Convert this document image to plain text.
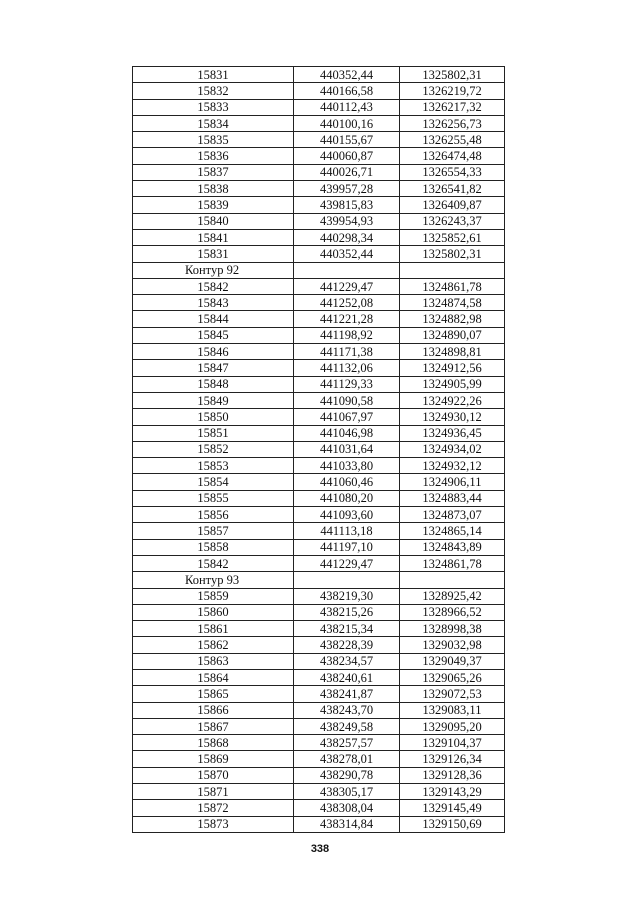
15831	440352,44	1325802,31
15832	440166,58	1326219,72
15833	440112,43	1326217,32
15834	440100,16	1326256,73
15835	440155,67	1326255,48
15836	440060,87	1326474,48
15837	440026,71	1326554,33
15838	439957,28	1326541,82
15839	439815,83	1326409,87
15840	439954,93	1326243,37
15841	440298,34	1325852,61
15831	440352,44	1325802,31
Контур 92		
15842	441229,47	1324861,78
15843	441252,08	1324874,58
15844	441221,28	1324882,98
15845	441198,92	1324890,07
15846	441171,38	1324898,81
15847	441132,06	1324912,56
15848	441129,33	1324905,99
15849	441090,58	1324922,26
15850	441067,97	1324930,12
15851	441046,98	1324936,45
15852	441031,64	1324934,02
15853	441033,80	1324932,12
15854	441060,46	1324906,11
15855	441080,20	1324883,44
15856	441093,60	1324873,07
15857	441113,18	1324865,14
15858	441197,10	1324843,89
15842	441229,47	1324861,78
Контур 93		
15859	438219,30	1328925,42
15860	438215,26	1328966,52
15861	438215,34	1328998,38
15862	438228,39	1329032,98
15863	438234,57	1329049,37
15864	438240,61	1329065,26
15865	438241,87	1329072,53
15866	438243,70	1329083,11
15867	438249,58	1329095,20
15868	438257,57	1329104,37
15869	438278,01	1329126,34
15870	438290,78	1329128,36
15871	438305,17	1329143,29
15872	438308,04	1329145,49
15873	438314,84	1329150,69
338
